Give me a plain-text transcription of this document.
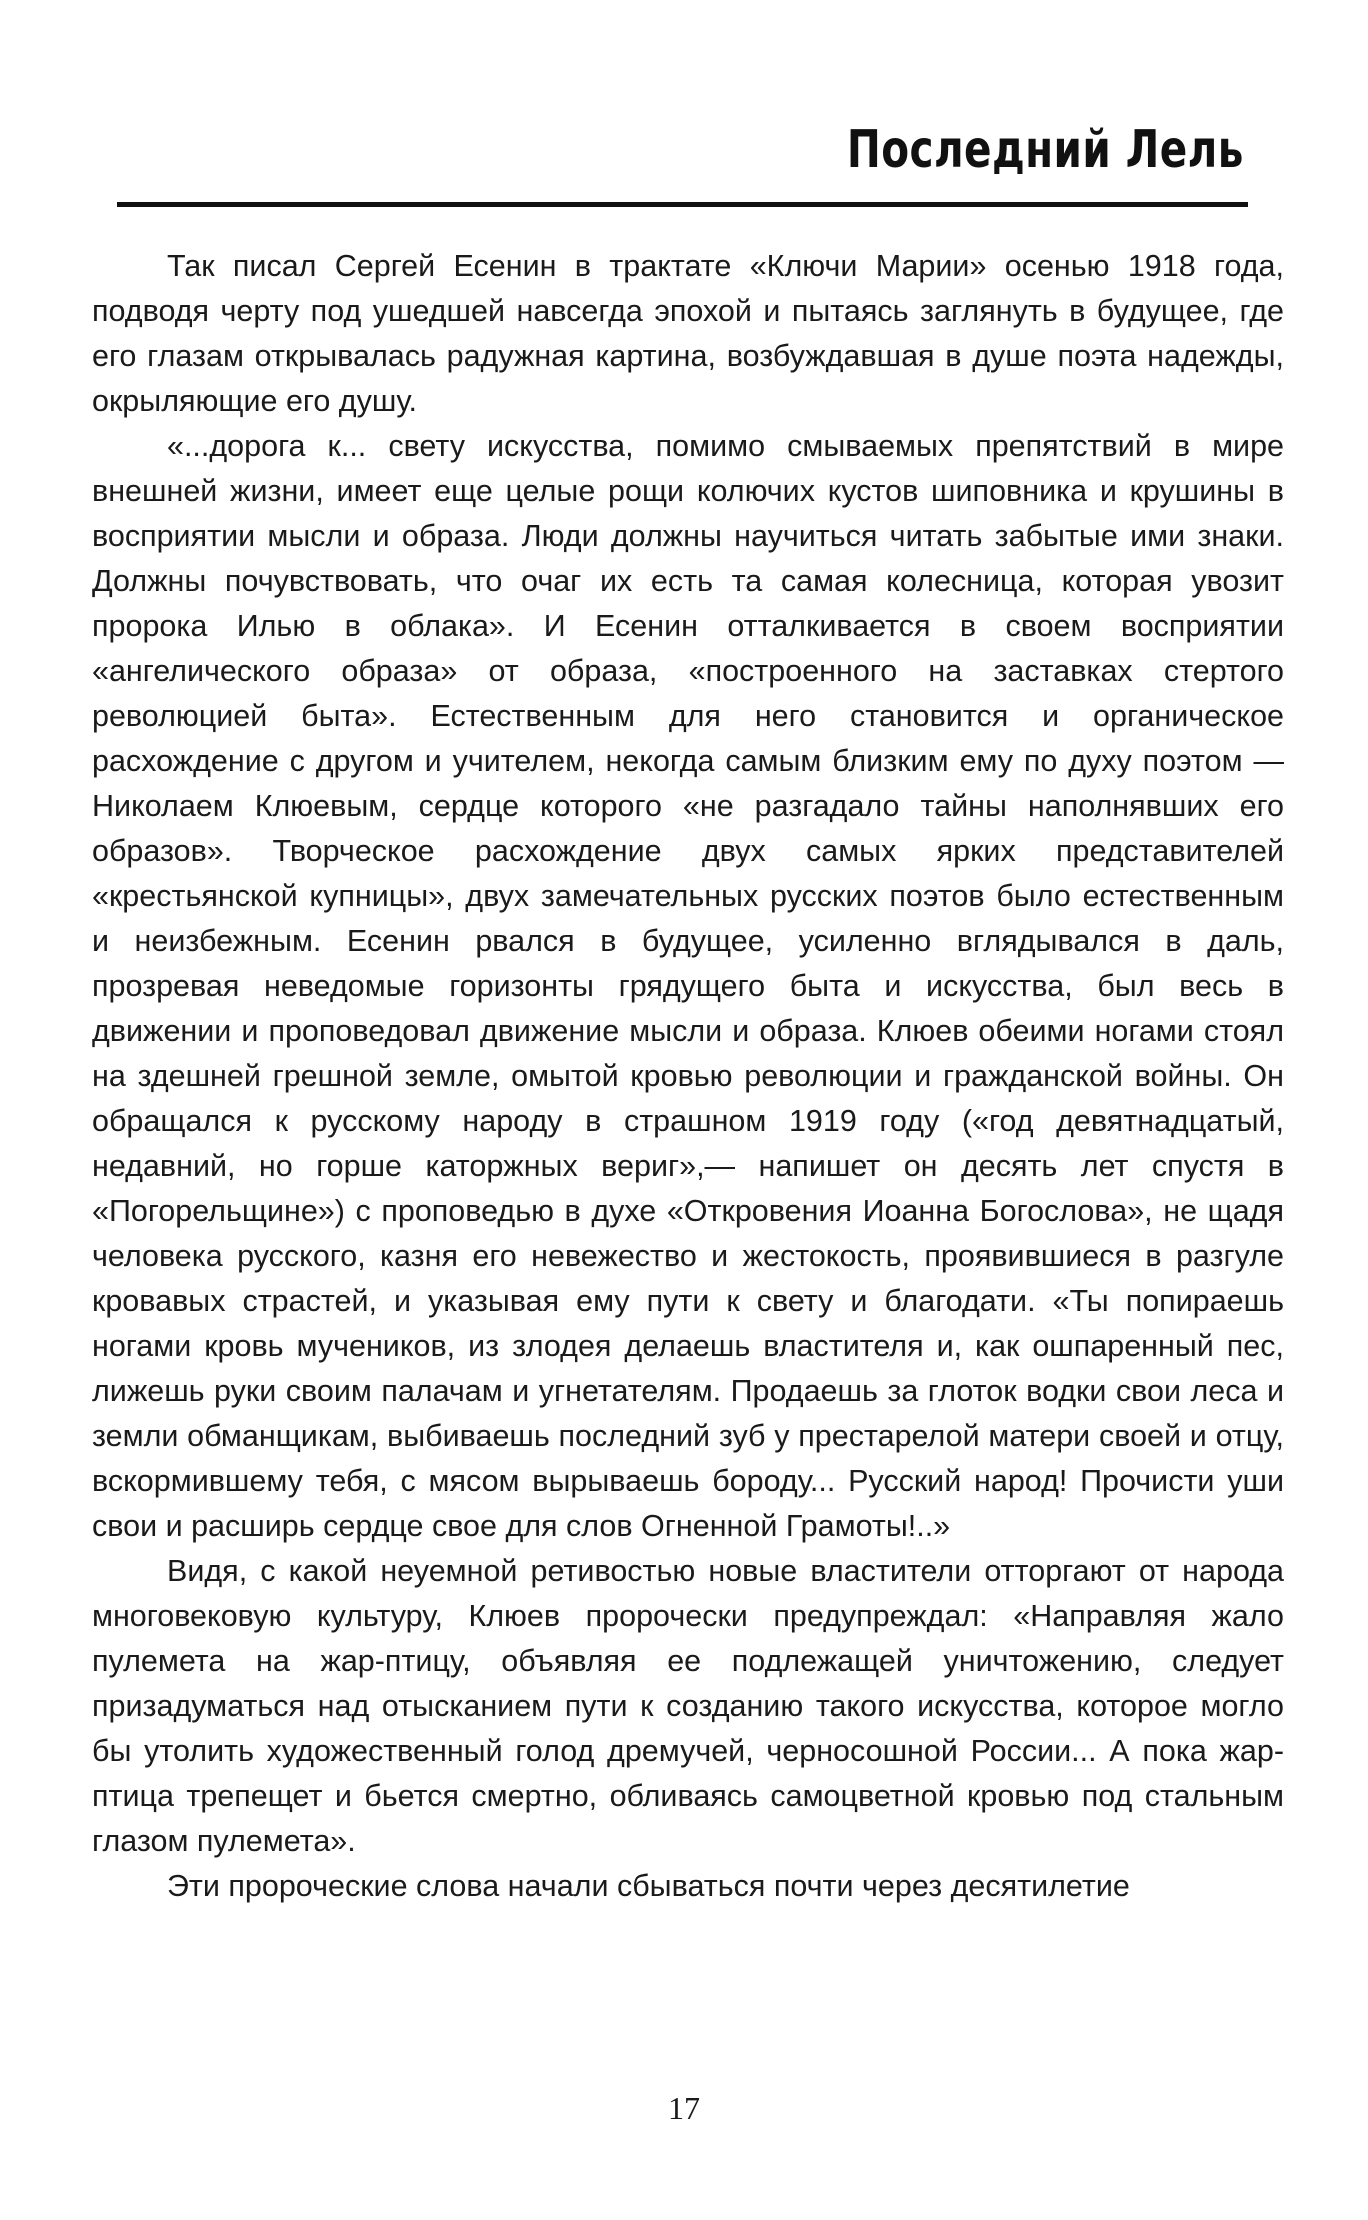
Последний Лель

Так писал Сергей Есенин в трактате «Ключи Марии» осенью 1918 года, подводя черту под ушедшей навсегда эпохой и пытаясь заглянуть в будущее, где его глазам открывалась радужная картина, возбуждавшая в душе поэта надежды, окрыляющие его душу.

«...дорога к... свету искусства, помимо смываемых препятствий в мире внешней жизни, имеет еще целые рощи колючих кустов шиповника и крушины в восприятии мысли и образа. Люди должны научиться читать забытые ими знаки. Должны почувствовать, что очаг их есть та самая колесница, которая увозит пророка Илью в облака». И Есенин отталкивается в своем восприятии «ангелического образа» от образа, «построенного на заставках стертого революцией быта». Естественным для него становится и органическое расхождение с другом и учителем, некогда самым близким ему по духу поэтом — Николаем Клюевым, сердце которого «не разгадало тайны наполнявших его образов». Творческое расхождение двух самых ярких представителей «крестьянской купницы», двух замечательных русских поэтов было естественным и неизбежным. Есенин рвался в будущее, усиленно вглядывался в даль, прозревая неведомые горизонты грядущего быта и искусства, был весь в движении и проповедовал движение мысли и образа. Клюев обеими ногами стоял на здешней грешной земле, омытой кровью революции и гражданской войны. Он обращался к русскому народу в страшном 1919 году («год девятнадцатый, недавний, но горше каторжных вериг»,— напишет он десять лет спустя в «Погорельщине») с проповедью в духе «Откровения Иоанна Богослова», не щадя человека русского, казня его невежество и жестокость, проявившиеся в разгуле кровавых страстей, и указывая ему пути к свету и благодати. «Ты попираешь ногами кровь мучеников, из злодея делаешь властителя и, как ошпаренный пес, лижешь руки своим палачам и угнетателям. Продаешь за глоток водки свои леса и земли обманщикам, выбиваешь последний зуб у престарелой матери своей и отцу, вскормившему тебя, с мясом вырываешь бороду... Русский народ! Прочисти уши свои и расширь сердце свое для слов Огненной Грамоты!..»

Видя, с какой неуемной ретивостью новые властители отторгают от народа многовековую культуру, Клюев пророчески предупреждал: «Направляя жало пулемета на жар-птицу, объявляя ее подлежащей уничтожению, следует призадуматься над отысканием пути к созданию такого искусства, которое могло бы утолить художественный голод дремучей, черносошной России... А пока жар-птица трепещет и бьется смертно, обливаясь самоцветной кровью под стальным глазом пулемета».

Эти пророческие слова начали сбываться почти через десятилетие

17
